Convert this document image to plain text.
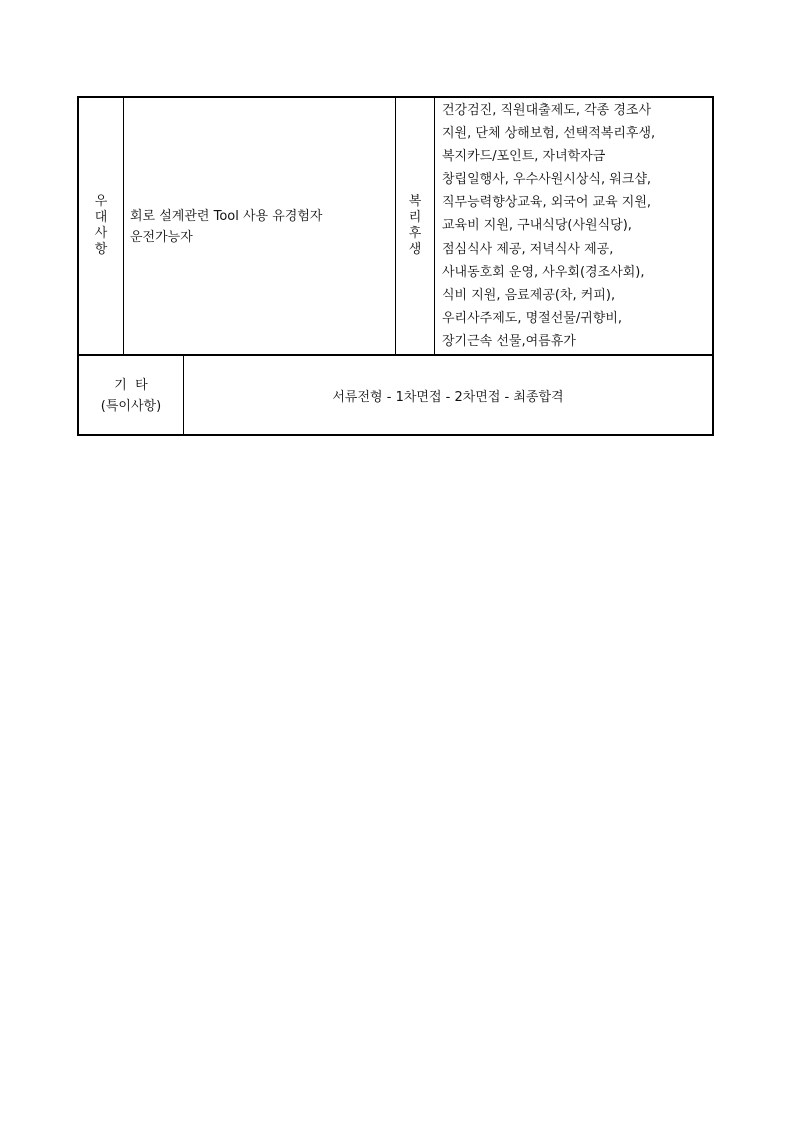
우
대
사
항
회로 설계관련 Tool 사용 유경험자
운전가능자
복
리
후
생
건강검진, 직원대출제도, 각종 경조사
지원, 단체 상해보험, 선택적복리후생,
복지카드/포인트, 자녀학자금
창립일행사, 우수사원시상식, 워크샵,
직무능력향상교육, 외국어 교육 지원,
교육비 지원, 구내식당(사원식당),
점심식사 제공, 저녁식사 제공,
사내동호회 운영, 사우회(경조사회),
식비 지원, 음료제공(차, 커피),
우리사주제도, 명절선물/귀향비,
장기근속 선물,여름휴가
기  타
(특이사항)
서류전형 - 1차면접 - 2차면접 - 최종합격
